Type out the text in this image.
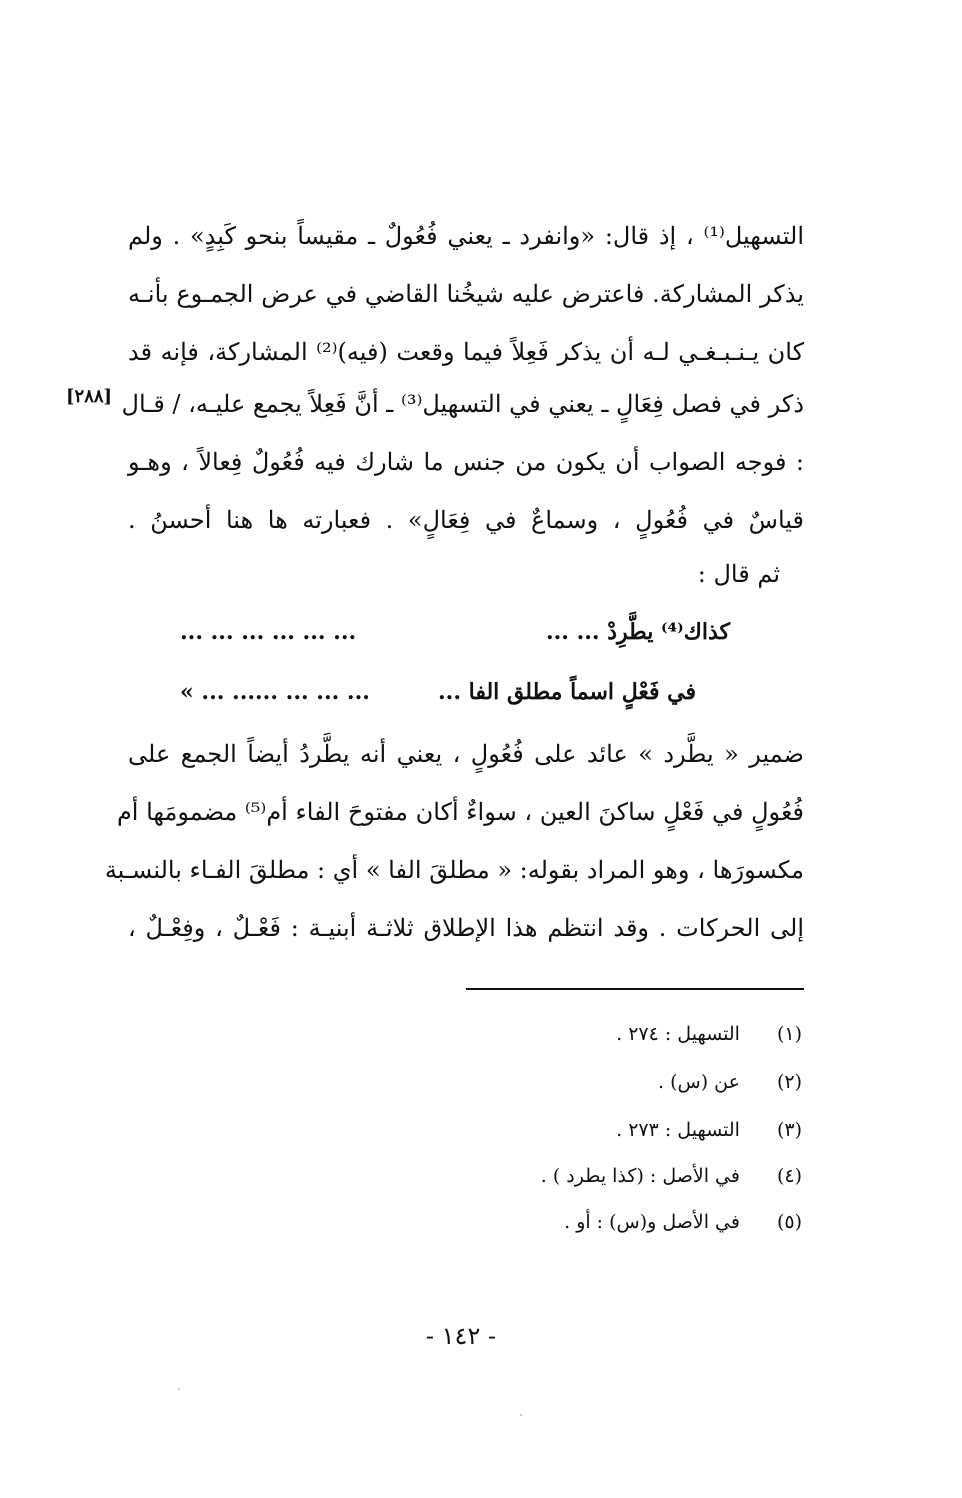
التسهيل⁽¹⁾ ، إذ قال: «وانفرد ـ يعني فُعُولٌ ـ مقيساً بنحو كَبِدٍ» . ولم
يذكر المشاركة. فاعترض عليه شيخُنا القاضي في عرض الجمـوع بأنـه
كان يـنـبـغـي لـه أن يذكر فَعِلاً فيما وقعت (فيه)⁽²⁾ المشاركة، فإنه قد
ذكر في فصل فِعَالٍ ـ يعني في التسهيل⁽³⁾ ـ أنَّ فَعِلاً يجمع عليـه، / قـال
[٢٨٨]
: فوجه الصواب أن يكون من جنس ما شارك فيه فُعُولٌ فِعالاً ، وهـو
قياسٌ في فُعُولٍ ، وسماعٌ في فِعَالٍ» . فعبارته ها هنا أحسنُ .
ثم قال :
كذاك⁽⁴⁾ يطَّرِدْ ... ...
... ... ... ... ... ...
في فَعْلٍ اسماً مطلق الفا ...
... ... ... ...... ... »
ضمير « يطَّرد » عائد على فُعُولٍ ، يعني أنه يطَّردُ أيضاً الجمع على
فُعُولٍ في فَعْلٍ ساكنَ العين ، سواءٌ أكان مفتوحَ الفاء أم⁽⁵⁾ مضمومَها أم
مكسورَها ، وهو المراد بقوله: « مطلقَ الفا » أي : مطلقَ الفـاء بالنسـبة
إلى الحركات . وقد انتظم هذا الإطلاق ثلاثـة أبنيـة : فَعْـلٌ ، وفِعْـلٌ ،
(١) التسهيل : ٢٧٤ .
(٢) عن (س) .
(٣) التسهيل : ٢٧٣ .
(٤) في الأصل : (كذا يطرد ) .
(٥) في الأصل و(س) : أو .
- ١٤٢ -
